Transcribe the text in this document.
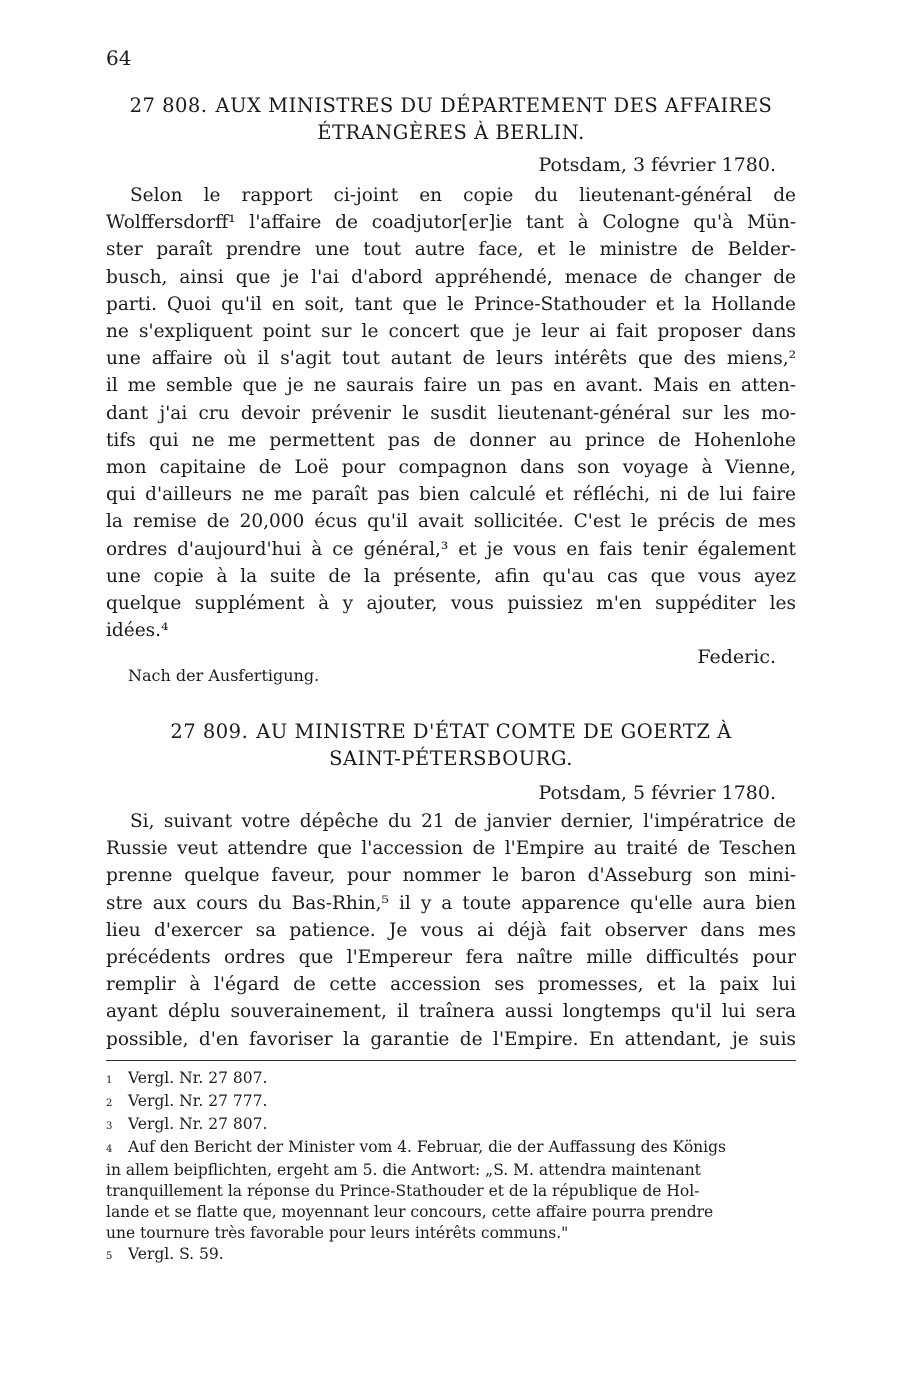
64
27 808. AUX MINISTRES DU DÉPARTEMENT DES AFFAIRES
ÉTRANGÈRES À BERLIN.
Potsdam, 3 février 1780.
Selon le rapport ci-joint en copie du lieutenant-général de
Wolffersdorff¹ l'affaire de coadjutor[er]ie tant à Cologne qu'à Mün-
ster paraît prendre une tout autre face, et le ministre de Belder-
busch, ainsi que je l'ai d'abord appréhendé, menace de changer de
parti. Quoi qu'il en soit, tant que le Prince-Stathouder et la Hollande
ne s'expliquent point sur le concert que je leur ai fait proposer dans
une affaire où il s'agit tout autant de leurs intérêts que des miens,²
il me semble que je ne saurais faire un pas en avant. Mais en atten-
dant j'ai cru devoir prévenir le susdit lieutenant-général sur les mo-
tifs qui ne me permettent pas de donner au prince de Hohenlohe
mon capitaine de Loë pour compagnon dans son voyage à Vienne,
qui d'ailleurs ne me paraît pas bien calculé et réfléchi, ni de lui faire
la remise de 20,000 écus qu'il avait sollicitée. C'est le précis de mes
ordres d'aujourd'hui à ce général,³ et je vous en fais tenir également
une copie à la suite de la présente, afin qu'au cas que vous ayez
quelque supplément à y ajouter, vous puissiez m'en suppéditer les
idées.⁴
Federic.
Nach der Ausfertigung.
27 809. AU MINISTRE D'ÉTAT COMTE DE GOERTZ À
SAINT-PÉTERSBOURG.
Potsdam, 5 février 1780.
Si, suivant votre dépêche du 21 de janvier dernier, l'impératrice de
Russie veut attendre que l'accession de l'Empire au traité de Teschen
prenne quelque faveur, pour nommer le baron d'Asseburg son mini-
stre aux cours du Bas-Rhin,⁵ il y a toute apparence qu'elle aura bien
lieu d'exercer sa patience. Je vous ai déjà fait observer dans mes
précédents ordres que l'Empereur fera naître mille difficultés pour
remplir à l'égard de cette accession ses promesses, et la paix lui
ayant déplu souverainement, il traînera aussi longtemps qu'il lui sera
possible, d'en favoriser la garantie de l'Empire. En attendant, je suis
1 Vergl. Nr. 27 807.
2 Vergl. Nr. 27 777.
3 Vergl. Nr. 27 807.
4 Auf den Bericht der Minister vom 4. Februar, die der Auffassung des Königs
in allem beipflichten, ergeht am 5. die Antwort: „S. M. attendra maintenant
tranquillement la réponse du Prince-Stathouder et de la république de Hol-
lande et se flatte que, moyennant leur concours, cette affaire pourra prendre
une tournure très favorable pour leurs intérêts communs."
5 Vergl. S. 59.
